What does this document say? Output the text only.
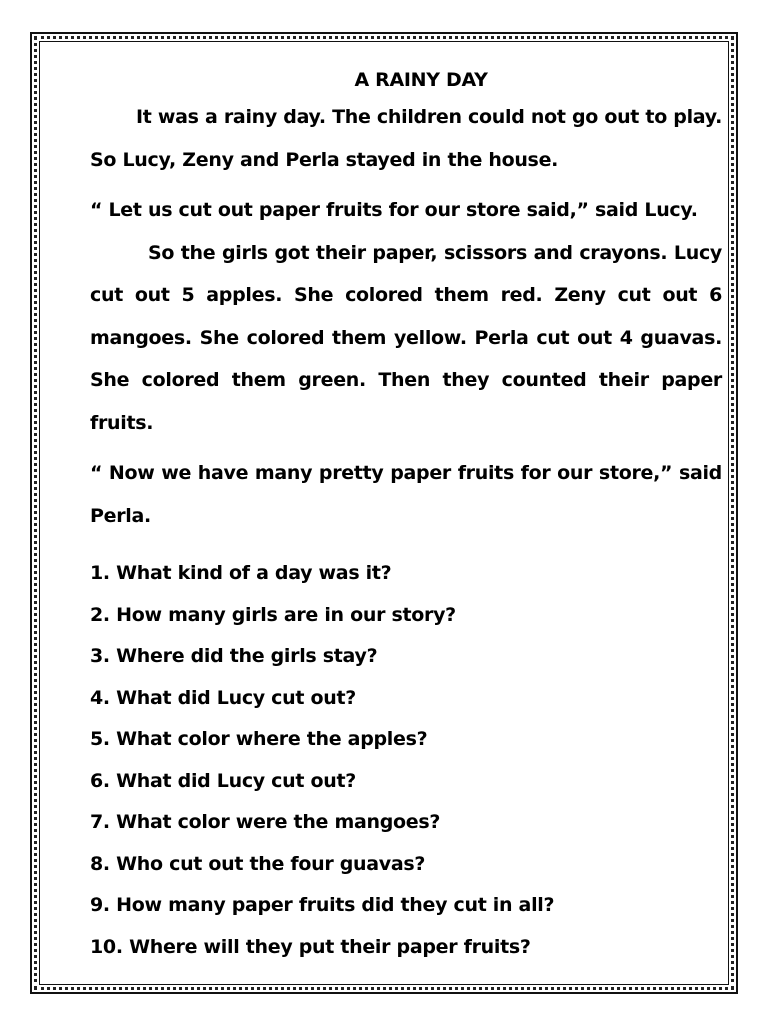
A RAINY DAY

It was a rainy day. The children could not go out to play. So Lucy, Zeny and Perla stayed in the house.

“ Let us cut out paper fruits for our store said,” said Lucy.

So the girls got their paper, scissors and crayons. Lucy cut out 5 apples. She colored them red. Zeny cut out 6 mangoes. She colored them yellow. Perla cut out 4 guavas. She colored them green. Then they counted their paper fruits.

“ Now we have many pretty paper fruits for our store,” said Perla.

1. What kind of a day was it?
2. How many girls are in our story?
3. Where did the girls stay?
4. What did Lucy cut out?
5. What color where the apples?
6. What did Lucy cut out?
7. What color were the mangoes?
8. Who cut out the four guavas?
9. How many paper fruits did they cut in all?
10. Where will they put their paper fruits?
